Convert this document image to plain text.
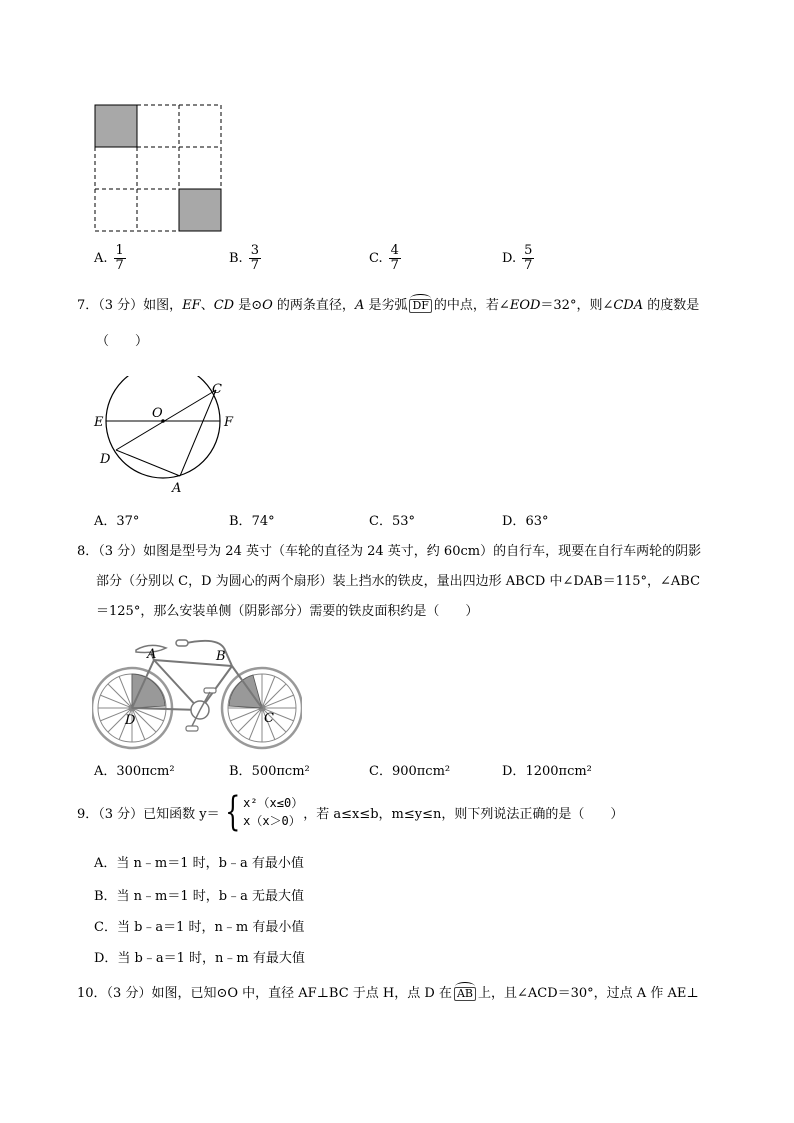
A. $\frac{1}{7}$	B. $\frac{3}{7}$	C. $\frac{4}{7}$	D. $\frac{5}{7}$
7．（3 分）如图，EF、CD 是⊙O 的两条直径，A 是劣弧 DF 的中点，若∠EOD＝32°，则∠CDA 的度数是
（　　）
E	F
O
C
D
A
A．37°	B．74°	C．53°	D．63°
8．（3 分）如图是型号为 24 英寸（车轮的直径为 24 英寸，约 60cm）的自行车，现要在自行车两轮的阴影
部分（分别以 C，D 为圆心的两个扇形）装上挡水的铁皮，量出四边形 ABCD 中∠DAB＝115°，∠ABC
＝125°，那么安装单侧（阴影部分）需要的铁皮面积约是（　　）
A	B
D	C
A．300πcm²	B．500πcm²	C．900πcm²	D．1200πcm²
9．（3 分）已知函数 y＝ { x²（x≤0）
x（x＞0） ，若 a≤x≤b，m≤y≤n，则下列说法正确的是（　　）
A．当 n﹣m＝1 时，b﹣a 有最小值
B．当 n﹣m＝1 时，b﹣a 无最大值
C．当 b﹣a＝1 时，n﹣m 有最小值
D．当 b﹣a＝1 时，n﹣m 有最大值
10．（3 分）如图，已知⊙O 中，直径 AF⊥BC 于点 H，点 D 在 AB 上，且∠ACD＝30°，过点 A 作 AE⊥
